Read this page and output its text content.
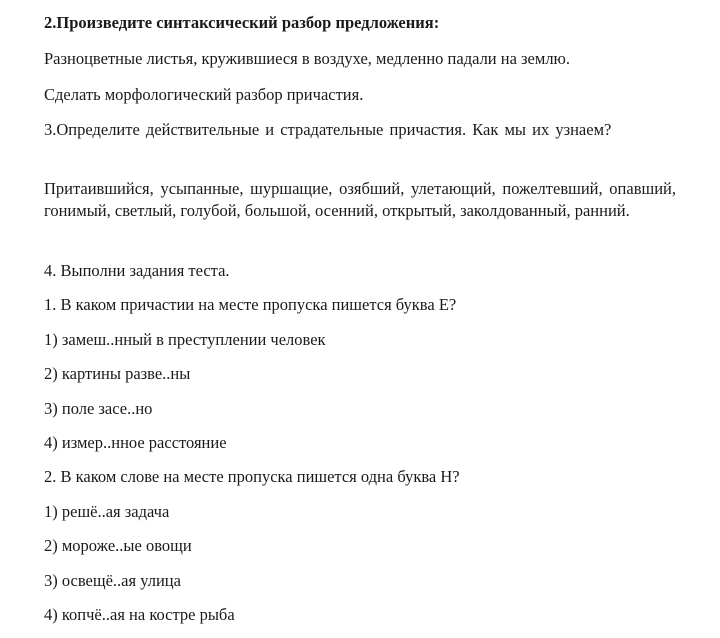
2.Произведите синтаксический разбор предложения:

Разноцветные листья, кружившиеся в воздухе, медленно падали на землю.

Сделать морфологический разбор причастия.

3.Определите действительные и страдательные причастия. Как мы их узнаем?

Притаившийся, усыпанные, шуршащие, озябший, улетающий, пожелтевший, опавший, гонимый, светлый, голубой, большой, осенний, открытый, заколдованный, ранний.

4. Выполни задания теста.

1. В каком причастии на месте пропуска пишется буква Е?

1) замеш..нный в преступлении человек

2) картины разве..ны

3) поле засе..но

4) измер..нное расстояние

2. В каком слове на месте пропуска пишется одна буква Н?

1) решё..ая задача

2) мороже..ые овощи

3) освещё..ая улица

4) копчё..ая на костре рыба
